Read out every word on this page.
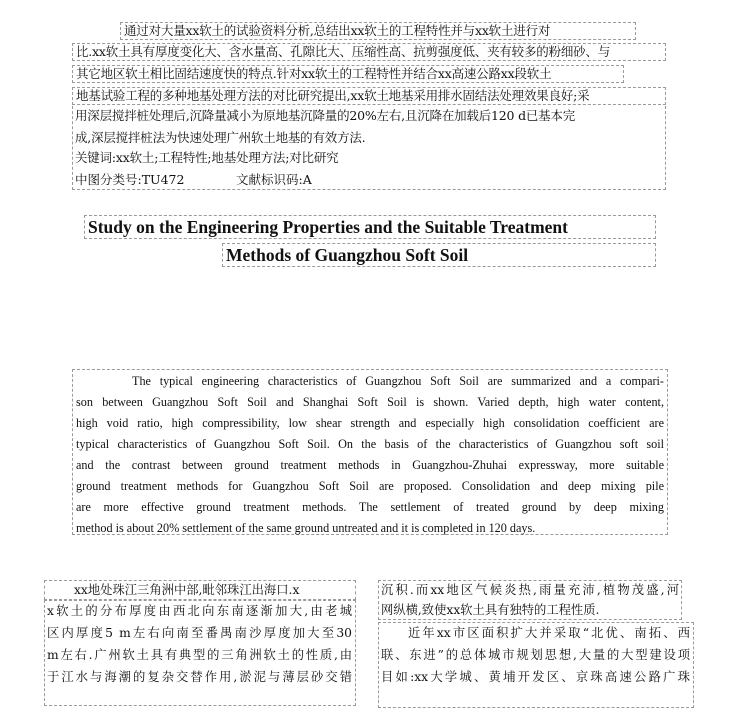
通过对大量xx软土的试验资料分析,总结出xx软土的工程特性并与xx软土进行对
比.xx软土具有厚度变化大、含水量高、孔隙比大、压缩性高、抗剪强度低、夹有较多的粉细砂、与
其它地区软土相比固结速度快的特点.针对xx软土的工程特性并结合xx高速公路xx段软土
地基试验工程的多种地基处理方法的对比研究提出,xx软土地基采用排水固结法处理效果良好;采
用深层搅拌桩处理后,沉降量减小为原地基沉降量的20%左右,且沉降在加载后120 d已基本完
成,深层搅拌桩法为快速处理广州软土地基的有效方法.
关键词:xx软土;工程特性;地基处理方法;对比研究
中图分类号:TU472	文献标识码:A
Study on the Engineering Properties and the Suitable Treatment
Methods of Guangzhou Soft Soil
The typical engineering characteristics of Guangzhou Soft Soil are summarized and a compari-
son between Guangzhou Soft Soil and Shanghai Soft Soil is shown. Varied depth, high water content,
high void ratio, high compressibility, low shear strength and especially high consolidation coefficient are
typical characteristics of Guangzhou Soft Soil. On the basis of the characteristics of Guangzhou soft soil
and the contrast between ground treatment methods in Guangzhou-Zhuhai expressway, more suitable
ground treatment methods for Guangzhou Soft Soil are proposed. Consolidation and deep mixing pile
are more effective ground treatment methods. The settlement of treated ground by deep mixing
method is about 20% settlement of the same ground untreated and it is completed in 120 days.
xx地处珠江三角洲中部,毗邻珠江出海口.x
x软土的分布厚度由西北向东南逐渐加大,由老城
区内厚度5 m左右向南至番禺南沙厚度加大至30
m左右.广州软土具有典型的三角洲软土的性质,由
于江水与海潮的复杂交替作用,淤泥与薄层砂交错
沉积.而xx地区气候炎热,雨量充沛,植物茂盛,河
网纵横,致使xx软土具有独特的工程性质.
近年xx市区面积扩大并采取“北优、南拓、西
联、东进”的总体城市规划思想,大量的大型建设项
目如:xx大学城、黄埔开发区、京珠高速公路广珠
